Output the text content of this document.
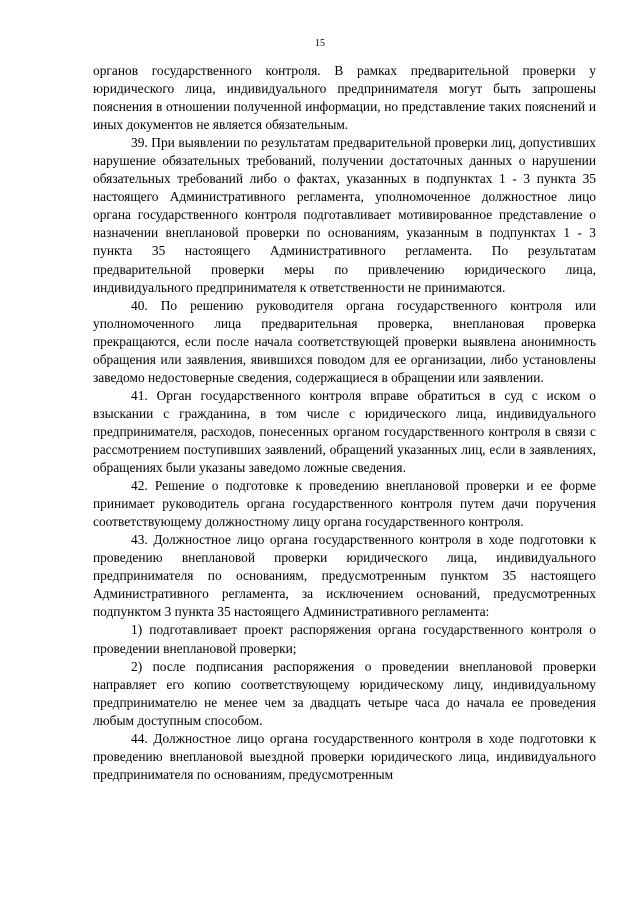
15

органов государственного контроля. В рамках предварительной проверки у юридического лица, индивидуального предпринимателя могут быть запрошены пояснения в отношении полученной информации, но представление таких пояснений и иных документов не является обязательным.

39. При выявлении по результатам предварительной проверки лиц, допустивших нарушение обязательных требований, получении достаточных данных о нарушении обязательных требований либо о фактах, указанных в подпунктах 1 - 3 пункта 35 настоящего Административного регламента, уполномоченное должностное лицо органа государственного контроля подготавливает мотивированное представление о назначении внеплановой проверки по основаниям, указанным в подпунктах 1 - 3 пункта 35 настоящего Административного регламента. По результатам предварительной проверки меры по привлечению юридического лица, индивидуального предпринимателя к ответственности не принимаются.

40. По решению руководителя органа государственного контроля или уполномоченного лица предварительная проверка, внеплановая проверка прекращаются, если после начала соответствующей проверки выявлена анонимность обращения или заявления, явившихся поводом для ее организации, либо установлены заведомо недостоверные сведения, содержащиеся в обращении или заявлении.

41. Орган государственного контроля вправе обратиться в суд с иском о взыскании с гражданина, в том числе с юридического лица, индивидуального предпринимателя, расходов, понесенных органом государственного контроля в связи с рассмотрением поступивших заявлений, обращений указанных лиц, если в заявлениях, обращениях были указаны заведомо ложные сведения.

42. Решение о подготовке к проведению внеплановой проверки и ее форме принимает руководитель органа государственного контроля путем дачи поручения соответствующему должностному лицу органа государственного контроля.

43. Должностное лицо органа государственного контроля в ходе подготовки к проведению внеплановой проверки юридического лица, индивидуального предпринимателя по основаниям, предусмотренным пунктом 35 настоящего Административного регламента, за исключением оснований, предусмотренных подпунктом 3 пункта 35 настоящего Административного регламента:

1) подготавливает проект распоряжения органа государственного контроля о проведении внеплановой проверки;

2) после подписания распоряжения о проведении внеплановой проверки направляет его копию соответствующему юридическому лицу, индивидуальному предпринимателю не менее чем за двадцать четыре часа до начала ее проведения любым доступным способом.

44. Должностное лицо органа государственного контроля в ходе подготовки к проведению внеплановой выездной проверки юридического лица, индивидуального предпринимателя по основаниям, предусмотренным
